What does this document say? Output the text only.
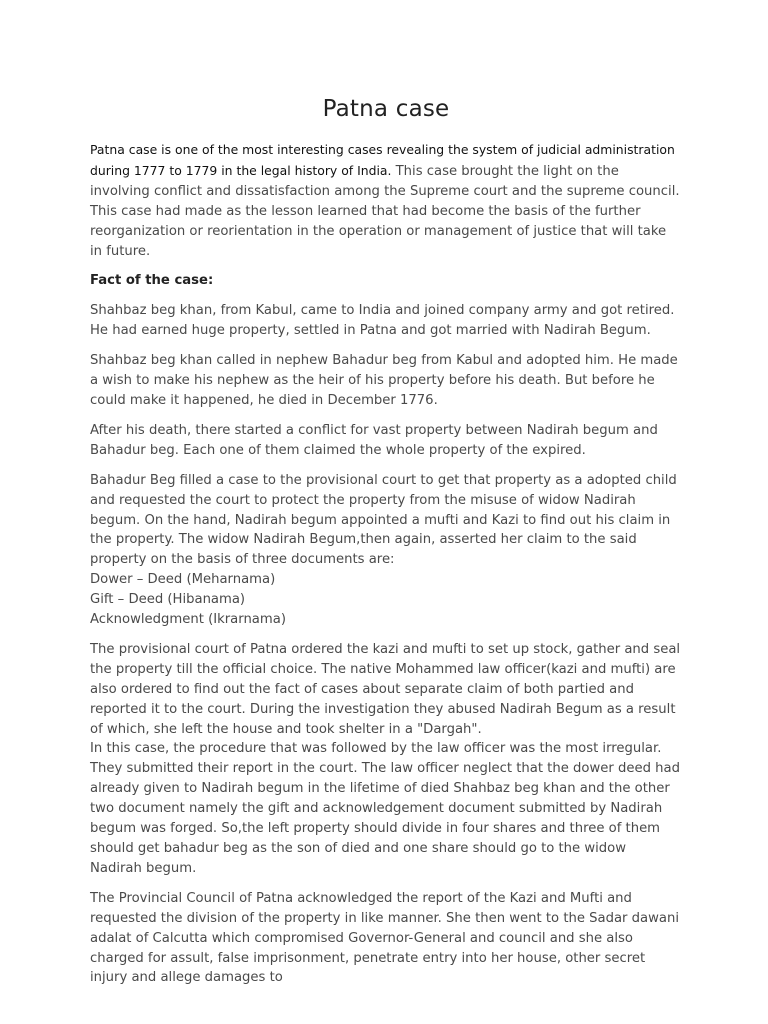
Patna case

Patna case is one of the most interesting cases revealing the system of judicial administration during 1777 to 1779 in the legal history of India. This case brought the light on the involving conflict and dissatisfaction among the Supreme court and the supreme council. This case had made as the lesson learned that had become the basis of the further reorganization or reorientation in the operation or management of justice that will take in future.

Fact of the case:

Shahbaz beg khan, from Kabul, came to India and joined company army and got retired. He had earned huge property, settled in Patna and got married with Nadirah Begum.

Shahbaz beg khan called in nephew Bahadur beg from Kabul and adopted him. He made a wish to make his nephew as the heir of his property before his death. But before he could make it happened, he died in December 1776.

After his death, there started a conflict for vast property between Nadirah begum and Bahadur beg. Each one of them claimed the whole property of the expired.

Bahadur Beg filled a case to the provisional court to get that property as a adopted child and requested the court to protect the property from the misuse of widow Nadirah begum. On the hand, Nadirah begum appointed a mufti and Kazi to find out his claim in the property. The widow Nadirah Begum,then again, asserted her claim to the said property on the basis of three documents are:
Dower – Deed (Meharnama)
Gift – Deed (Hibanama)
Acknowledgment (Ikrarnama)

The provisional court of Patna ordered the kazi and mufti to set up stock, gather and seal the property till the official choice. The native Mohammed law officer(kazi and mufti) are also ordered to find out the fact of cases about separate claim of both partied and reported it to the court. During the investigation they abused Nadirah Begum as a result of which, she left the house and took shelter in a "Dargah".
In this case, the procedure that was followed by the law officer was the most irregular. They submitted their report in the court. The law officer neglect that the dower deed had already given to Nadirah begum in the lifetime of died Shahbaz beg khan and the other two document namely the gift and acknowledgement document submitted by Nadirah begum was forged. So,the left property should divide in four shares and three of them should get bahadur beg as the son of died and one share should go to the widow Nadirah begum.

The Provincial Council of Patna acknowledged the report of the Kazi and Mufti and requested the division of the property in like manner. She then went to the Sadar dawani adalat of Calcutta which compromised Governor-General and council and she also charged for assult, false imprisonment, penetrate entry into her house, other secret injury and allege damages to
